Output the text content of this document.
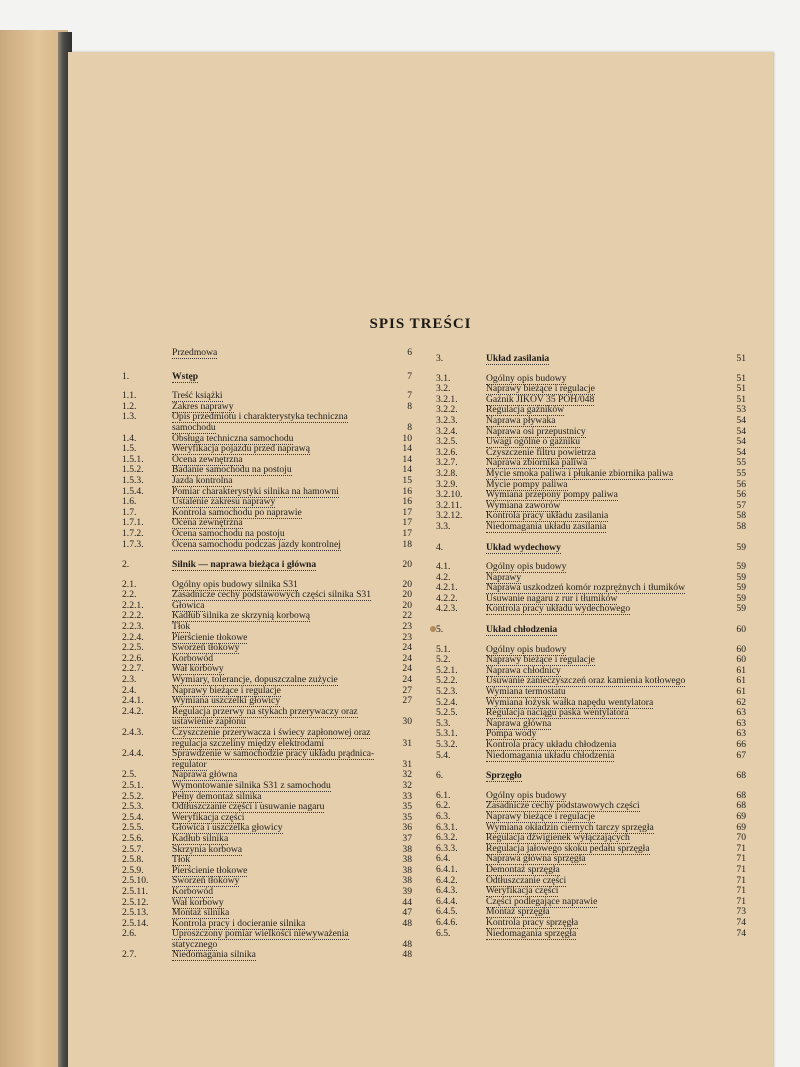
SPIS TREŚCI
Przedmowa	6
1.	Wstęp	7
1.1.	Treść książki	7
1.2.	Zakres naprawy	8
1.3.	Opis przedmiotu i charakterystyka techniczna samochodu	8
1.4.	Obsługa techniczna samochodu	10
1.5.	Weryfikacja pojazdu przed naprawą	14
1.5.1.	Ocena zewnętrzna	14
1.5.2.	Badanie samochodu na postoju	14
1.5.3.	Jazda kontrolna	15
1.5.4.	Pomiar charakterystyki silnika na hamowni	16
1.6.	Ustalenie zakresu naprawy	16
1.7.	Kontrola samochodu po naprawie	17
1.7.1.	Ocena zewnętrzna	17
1.7.2.	Ocena samochodu na postoju	17
1.7.3.	Ocena samochodu podczas jazdy kontrolnej	18
2.	Silnik — naprawa bieżąca i główna	20
2.1.	Ogólny opis budowy silnika S31	20
2.2.	Zasadnicze cechy podstawowych części silnika S31	20
2.2.1.	Głowica	20
2.2.2.	Kadłub silnika ze skrzynią korbową	22
2.2.3.	Tłok	23
2.2.4.	Pierścienie tłokowe	23
2.2.5.	Sworzeń tłokowy	24
2.2.6.	Korbowód	24
2.2.7.	Wał korbowy	24
2.3.	Wymiary, tolerancje, dopuszczalne zużycie	24
2.4.	Naprawy bieżące i regulacje	27
2.4.1.	Wymiana uszczelki głowicy	27
2.4.2.	Regulacja przerwy na stykach przerywaczy oraz ustawienie zapłonu	30
2.4.3.	Czyszczenie przerywacza i świecy zapłonowej oraz regulacja szczeliny między elektrodami	31
2.4.4.	Sprawdzenie w samochodzie pracy układu prądnica-regulator	31
2.5.	Naprawa główna	32
2.5.1.	Wymontowanie silnika S31 z samochodu	32
2.5.2.	Pełny demontaż silnika	33
2.5.3.	Odtłuszczanie części i usuwanie nagaru	35
2.5.4.	Weryfikacja części	35
2.5.5.	Głowica i uszczelka głowicy	36
2.5.6.	Kadłub silnika	37
2.5.7.	Skrzynia korbowa	38
2.5.8.	Tłok	38
2.5.9.	Pierścienie tłokowe	38
2.5.10.	Sworzeń tłokowy	38
2.5.11.	Korbowód	39
2.5.12.	Wał korbowy	44
2.5.13.	Montaż silnika	47
2.5.14.	Kontrola pracy i docieranie silnika	48
2.6.	Uproszczony pomiar wielkości niewyważenia statycznego	48
2.7.	Niedomagania silnika	48
3.	Układ zasilania	51
3.1.	Ogólny opis budowy	51
3.2.	Naprawy bieżące i regulacje	51
3.2.1.	Gaźnik JIKOV 35 POH/048	51
3.2.2.	Regulacja gaźników	53
3.2.3.	Naprawa pływaka	54
3.2.4.	Naprawa osi przepustnicy	54
3.2.5.	Uwagi ogólne o gaźniku	54
3.2.6.	Czyszczenie filtru powietrza	54
3.2.7.	Naprawa zbiornika paliwa	55
3.2.8.	Mycie smoka paliwa i płukanie zbiornika paliwa	55
3.2.9.	Mycie pompy paliwa	56
3.2.10.	Wymiana przepony pompy paliwa	56
3.2.11.	Wymiana zaworów	57
3.2.12.	Kontrola pracy układu zasilania	58
3.3.	Niedomagania układu zasilania	58
4.	Układ wydechowy	59
4.1.	Ogólny opis budowy	59
4.2.	Naprawy	59
4.2.1.	Naprawa uszkodzeń komór rozprężnych i tłumików	59
4.2.2.	Usuwanie nagaru z rur i tłumików	59
4.2.3.	Kontrola pracy układu wydechowego	59
5.	Układ chłodzenia	60
5.1.	Ogólny opis budowy	60
5.2.	Naprawy bieżące i regulacje	60
5.2.1.	Naprawa chłodnicy	61
5.2.2.	Usuwanie zanieczyszczeń oraz kamienia kotłowego	61
5.2.3.	Wymiana termostatu	61
5.2.4.	Wymiana łożysk wałka napędu wentylatora	62
5.2.5.	Regulacja naciągu paska wentylatora	63
5.3.	Naprawa główna	63
5.3.1.	Pompa wody	63
5.3.2.	Kontrola pracy układu chłodzenia	66
5.4.	Niedomagania układu chłodzenia	67
6.	Sprzęgło	68
6.1.	Ogólny opis budowy	68
6.2.	Zasadnicze cechy podstawowych części	68
6.3.	Naprawy bieżące i regulacje	69
6.3.1.	Wymiana okładzin ciernych tarczy sprzęgła	69
6.3.2.	Regulacja dźwigienek wyłączających	70
6.3.3.	Regulacja jałowego skoku pedału sprzęgła	71
6.4.	Naprawa główna sprzęgła	71
6.4.1.	Demontaż sprzęgła	71
6.4.2.	Odtłuszczanie części	71
6.4.3.	Weryfikacja części	71
6.4.4.	Części podlegające naprawie	71
6.4.5.	Montaż sprzęgła	73
6.4.6.	Kontrola pracy sprzęgła	74
6.5.	Niedomagania sprzęgła	74
